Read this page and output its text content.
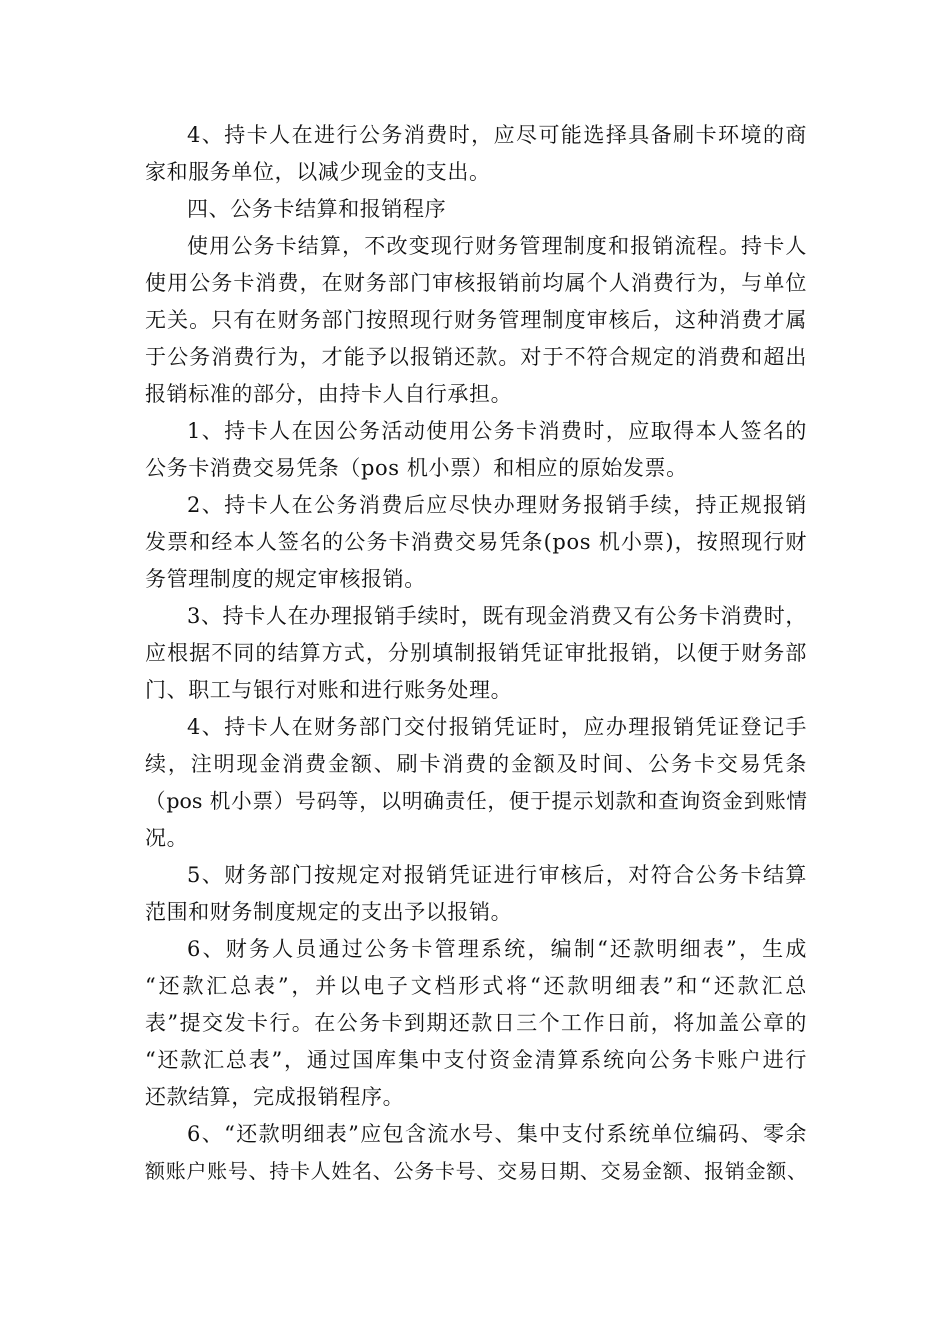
4、持卡人在进行公务消费时，应尽可能选择具备刷卡环境的商
家和服务单位，以减少现金的支出。
四、公务卡结算和报销程序
使用公务卡结算，不改变现行财务管理制度和报销流程。持卡人
使用公务卡消费，在财务部门审核报销前均属个人消费行为，与单位
无关。只有在财务部门按照现行财务管理制度审核后，这种消费才属
于公务消费行为，才能予以报销还款。对于不符合规定的消费和超出
报销标准的部分，由持卡人自行承担。
1、持卡人在因公务活动使用公务卡消费时，应取得本人签名的
公务卡消费交易凭条（pos 机小票）和相应的原始发票。
2、持卡人在公务消费后应尽快办理财务报销手续，持正规报销
发票和经本人签名的公务卡消费交易凭条(pos 机小票)，按照现行财
务管理制度的规定审核报销。
3、持卡人在办理报销手续时，既有现金消费又有公务卡消费时，
应根据不同的结算方式，分别填制报销凭证审批报销，以便于财务部
门、职工与银行对账和进行账务处理。
4、持卡人在财务部门交付报销凭证时，应办理报销凭证登记手
续，注明现金消费金额、刷卡消费的金额及时间、公务卡交易凭条
（pos 机小票）号码等，以明确责任，便于提示划款和查询资金到账情
况。
5、财务部门按规定对报销凭证进行审核后，对符合公务卡结算
范围和财务制度规定的支出予以报销。
6、财务人员通过公务卡管理系统，编制“还款明细表”，生成
“还款汇总表”，并以电子文档形式将“还款明细表”和“还款汇总
表”提交发卡行。在公务卡到期还款日三个工作日前，将加盖公章的
“还款汇总表”，通过国库集中支付资金清算系统向公务卡账户进行
还款结算，完成报销程序。
6、“还款明细表”应包含流水号、集中支付系统单位编码、零余
额账户账号、持卡人姓名、公务卡号、交易日期、交易金额、报销金额、
